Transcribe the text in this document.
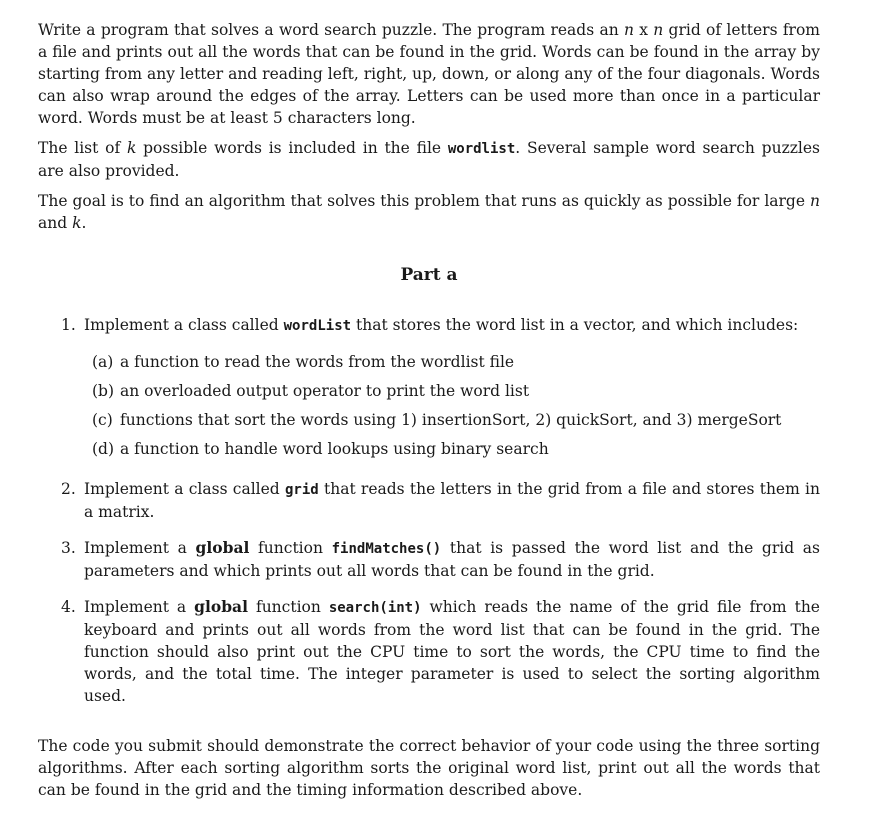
Write a program that solves a word search puzzle. The program reads an n x n grid of letters from a file and prints out all the words that can be found in the grid. Words can be found in the array by starting from any letter and reading left, right, up, down, or along any of the four diagonals. Words can also wrap around the edges of the array. Letters can be used more than once in a particular word. Words must be at least 5 characters long.

The list of k possible words is included in the file wordlist. Several sample word search puzzles are also provided.

The goal is to find an algorithm that solves this problem that runs as quickly as possible for large n and k.

Part a
1. Implement a class called wordList that stores the word list in a vector, and which includes:
(a) a function to read the words from the wordlist file
(b) an overloaded output operator to print the word list
(c) functions that sort the words using 1) insertionSort, 2) quickSort, and 3) mergeSort
(d) a function to handle word lookups using binary search
2. Implement a class called grid that reads the letters in the grid from a file and stores them in a matrix.

3. Implement a global function findMatches() that is passed the word list and the grid as parameters and which prints out all words that can be found in the grid.

4. Implement a global function search(int) which reads the name of the grid file from the keyboard and prints out all words from the word list that can be found in the grid. The function should also print out the CPU time to sort the words, the CPU time to find the words, and the total time. The integer parameter is used to select the sorting algorithm used.

The code you submit should demonstrate the correct behavior of your code using the three sorting algorithms. After each sorting algorithm sorts the original word list, print out all the words that can be found in the grid and the timing information described above.
